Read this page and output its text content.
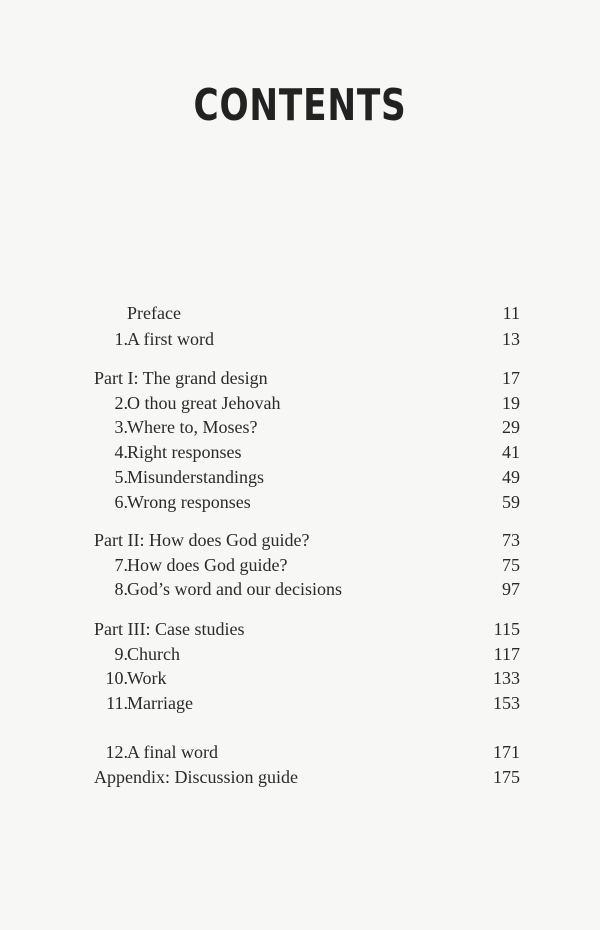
CONTENTS
Preface	11
1. A first word	13
Part I: The grand design	17
2. O thou great Jehovah	19
3. Where to, Moses?	29
4. Right responses	41
5. Misunderstandings	49
6. Wrong responses	59
Part II: How does God guide?	73
7. How does God guide?	75
8. God’s word and our decisions	97
Part III: Case studies	115
9. Church	117
10. Work	133
11. Marriage	153
12. A final word	171
Appendix: Discussion guide	175
